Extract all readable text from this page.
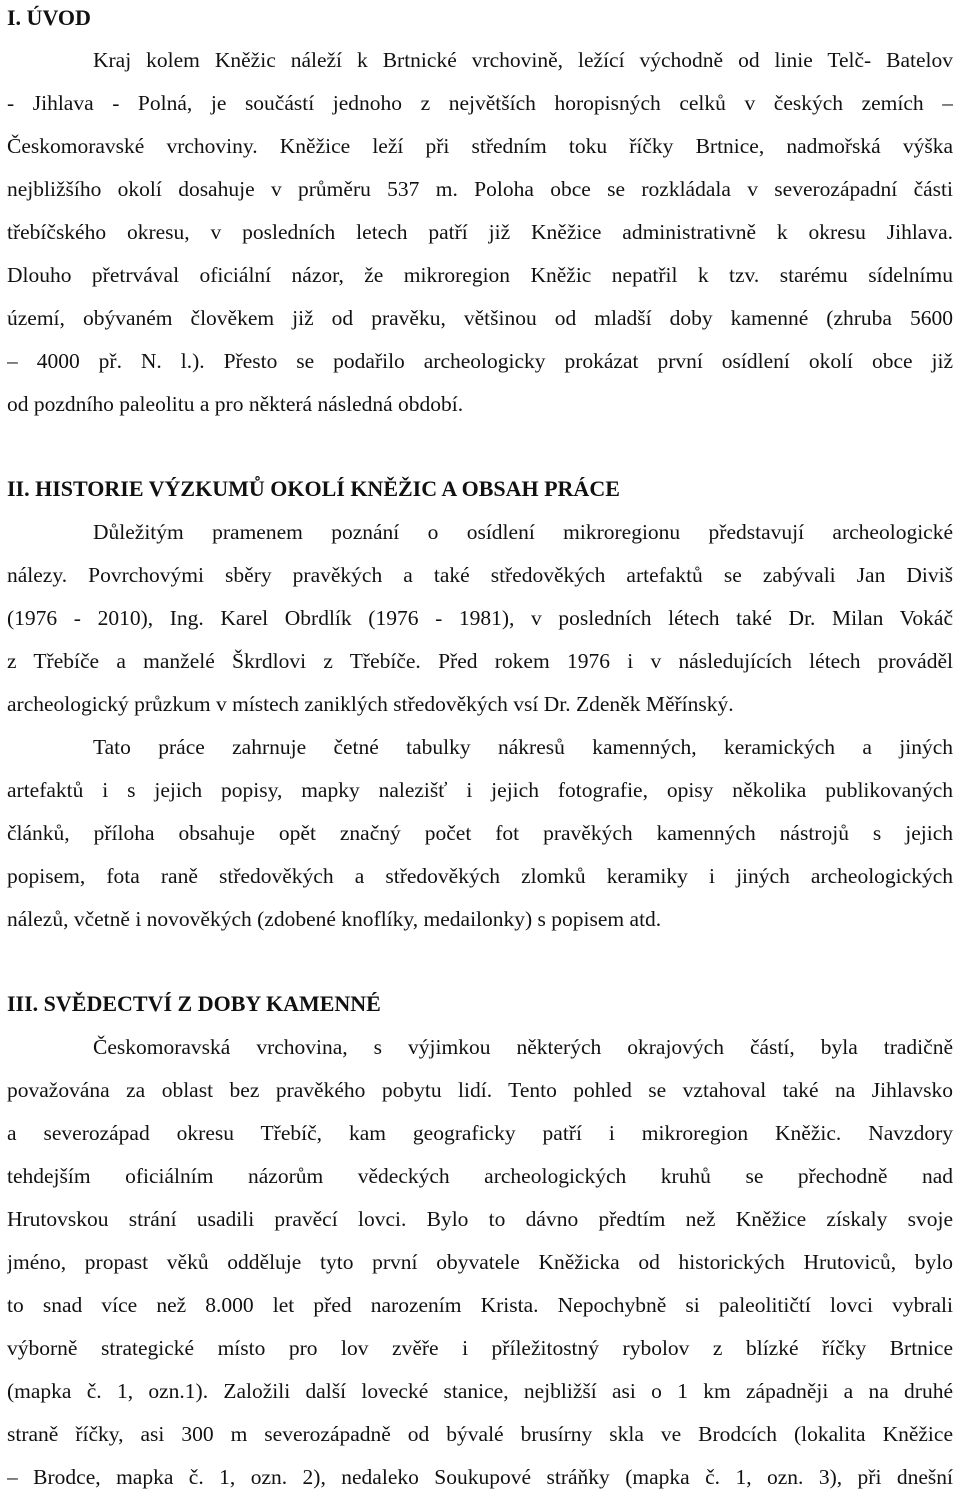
I. ÚVOD
Kraj kolem Kněžic náleží k Brtnické vrchovině, ležící východně od linie Telč- Batelov
- Jihlava - Polná, je součástí jednoho z největších horopisných celků v českých zemích –
Českomoravské vrchoviny. Kněžice leží při středním toku říčky Brtnice, nadmořská výška
nejbližšího okolí dosahuje v průměru 537 m. Poloha obce se rozkládala v severozápadní části
třebíčského okresu, v posledních letech patří již Kněžice administrativně k okresu Jihlava.
Dlouho přetrvával oficiální názor, že mikroregion Kněžic nepatřil k tzv. starému sídelnímu
území, obývaném člověkem již od pravěku, většinou od mladší doby kamenné (zhruba 5600
– 4000 př. N. l.). Přesto se podařilo archeologicky prokázat první osídlení okolí obce již
od pozdního paleolitu a pro některá následná období.
II. HISTORIE VÝZKUMŮ OKOLÍ KNĚŽIC A OBSAH PRÁCE
Důležitým pramenem poznání o osídlení mikroregionu představují archeologické
nálezy. Povrchovými sběry pravěkých a také středověkých artefaktů se zabývali Jan Diviš
(1976 - 2010), Ing. Karel Obrdlík (1976 - 1981), v posledních létech také Dr. Milan Vokáč
z Třebíče a manželé Škrdlovi z Třebíče. Před rokem 1976 i v následujících létech prováděl
archeologický průzkum v místech zaniklých středověkých vsí Dr. Zdeněk Měřínský.
Tato práce zahrnuje četné tabulky nákresů kamenných, keramických a jiných
artefaktů i s jejich popisy, mapky nalezišť i jejich fotografie, opisy několika publikovaných
článků, příloha obsahuje opět značný počet fot pravěkých kamenných nástrojů s jejich
popisem, fota raně středověkých a středověkých zlomků keramiky i jiných archeologických
nálezů, včetně i novověkých (zdobené knoflíky, medailonky) s popisem atd.
III. SVĚDECTVÍ Z DOBY KAMENNÉ
Českomoravská vrchovina, s výjimkou některých okrajových částí, byla tradičně
považována za oblast bez pravěkého pobytu lidí. Tento pohled se vztahoval také na Jihlavsko
a severozápad okresu Třebíč, kam geograficky patří i mikroregion Kněžic. Navzdory
tehdejším oficiálním názorům vědeckých archeologických kruhů se přechodně nad
Hrutovskou strání usadili pravěcí lovci. Bylo to dávno předtím než Kněžice získaly svoje
jméno, propast věků odděluje tyto první obyvatele Kněžicka od historických Hrutoviců, bylo
to snad více než 8.000 let před narozením Krista. Nepochybně si paleolitičtí lovci vybrali
výborně strategické místo pro lov zvěře i příležitostný rybolov z blízké říčky Brtnice
(mapka č. 1, ozn.1). Založili další lovecké stanice, nejbližší asi o 1 km západněji a na druhé
straně říčky, asi 300 m severozápadně od bývalé brusírny skla ve Brodcích (lokalita Kněžice
– Brodce, mapka č. 1, ozn. 2), nedaleko Soukupové stráňky (mapka č. 1, ozn. 3), při dnešní
